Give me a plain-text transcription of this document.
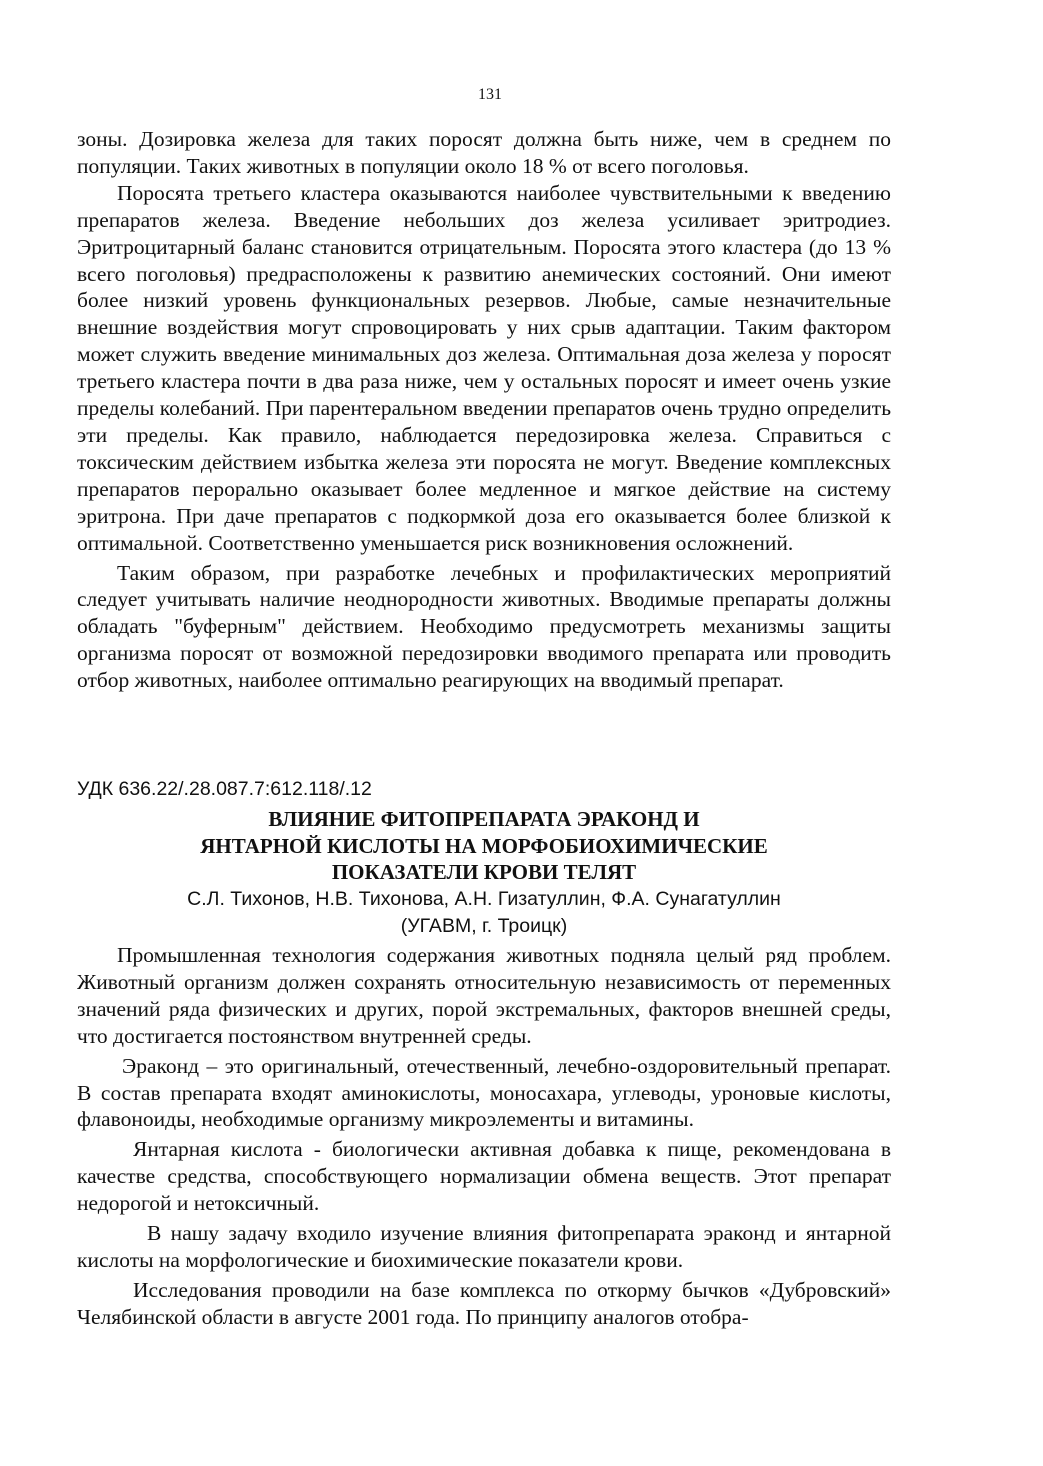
131

зоны. Дозировка железа для таких поросят должна быть ниже, чем в среднем по популяции. Таких животных в популяции около 18 % от всего поголовья.

Поросята третьего кластера оказываются наиболее чувствительными к введению препаратов железа. Введение небольших доз железа усиливает эритродиез. Эритроцитарный баланс становится отрицательным. Поросята этого кластера (до 13 % всего поголовья) предрасположены к развитию анемических состояний. Они имеют более низкий уровень функциональных резервов. Любые, самые незначительные внешние воздействия могут спровоцировать у них срыв адаптации. Таким фактором может служить введение минимальных доз железа. Оптимальная доза железа у поросят третьего кластера почти в два раза ниже, чем у остальных поросят и имеет очень узкие пределы колебаний. При парентеральном введении препаратов очень трудно определить эти пределы. Как правило, наблюдается передозировка железа. Справиться с токсическим действием избытка железа эти поросята не могут. Введение комплексных препаратов перорально оказывает более медленное и мягкое действие на систему эритрона. При даче препаратов с подкормкой доза его оказывается более близкой к оптимальной. Соответственно уменьшается риск возникновения осложнений.

Таким образом, при разработке лечебных и профилактических мероприятий следует учитывать наличие неоднородности животных. Вводимые препараты должны обладать "буферным" действием. Необходимо предусмотреть механизмы защиты организма поросят от возможной передозировки вводимого препарата или проводить отбор животных, наиболее оптимально реагирующих на вводимый препарат.

УДК 636.22/.28.087.7:612.118/.12
ВЛИЯНИЕ ФИТОПРЕПАРАТА ЭРАКОНД И
ЯНТАРНОЙ КИСЛОТЫ НА МОРФОБИОХИМИЧЕСКИЕ
ПОКАЗАТЕЛИ КРОВИ ТЕЛЯТ
С.Л. Тихонов, Н.В. Тихонова, А.Н. Гизатуллин, Ф.А. Сунагатуллин
(УГАВМ, г. Троицк)

Промышленная технология содержания животных подняла целый ряд проблем. Животный организм должен сохранять относительную независимость от переменных значений ряда физических и других, порой экстремальных, факторов внешней среды, что достигается постоянством внутренней среды.

Эраконд – это оригинальный, отечественный, лечебно-оздоровительный препарат. В состав препарата входят аминокислоты, моносахара, углеводы, уроновые кислоты, флавоноиды, необходимые организму микроэлементы и витамины.

Янтарная кислота - биологически активная добавка к пище, рекомендована в качестве средства, способствующего нормализации обмена веществ. Этот препарат недорогой и нетоксичный.

В нашу задачу входило изучение влияния фитопрепарата эраконд и янтарной кислоты на морфологические и биохимические показатели крови.

Исследования проводили на базе комплекса по откорму бычков «Дубровский» Челябинской области в августе 2001 года. По принципу аналогов отобра-
